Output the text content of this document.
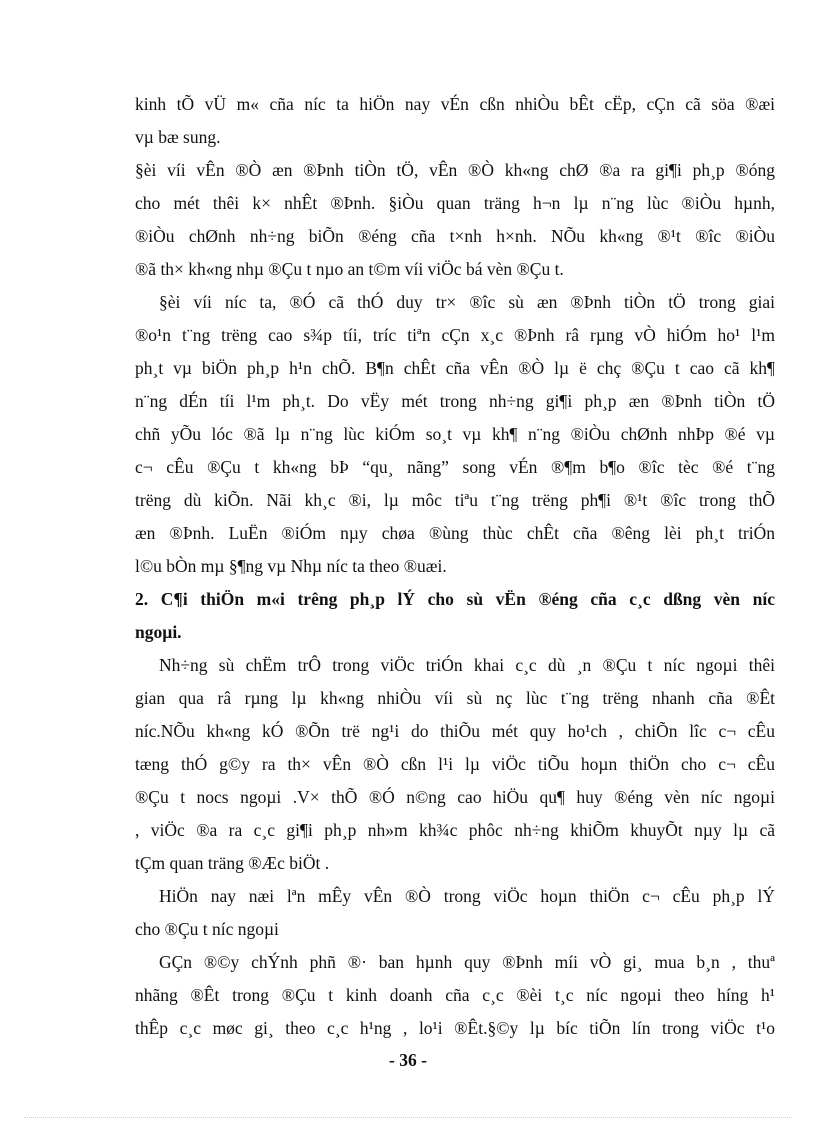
kinh tÕ vÜ m« cña níc ta hiÖn nay vÉn cßn nhiÒu bÊt cËp, cÇn cã söa ®æi

vµ bæ sung.

§èi víi vÊn ®Ò æn ®Þnh tiÒn tÖ, vÊn ®Ò kh«ng chØ ®a ra gi¶i ph¸p ®óng

cho mét thêi k× nhÊt ®Þnh. §iÒu quan träng h¬n lµ n¨ng lùc ®iÒu hµnh,

®iÒu chØnh nh÷ng biÕn ®éng cña t×nh h×nh. NÕu kh«ng ®¹t ®îc ®iÒu

®ã th× kh«ng nhµ ®Çu t nµo an t©m víi viÖc bá vèn ®Çu t.

§èi víi níc ta, ®Ó cã thÓ duy tr× ®îc sù æn ®Þnh tiÒn tÖ trong giai

®o¹n t¨ng trëng cao s¾p tíi, tríc tiªn cÇn x¸c ®Þnh râ rµng vÒ hiÓm ho¹ l¹m

ph¸t vµ biÖn ph¸p h¹n chÕ. B¶n chÊt cña vÊn ®Ò lµ ë chç ®Çu t cao cã kh¶

n¨ng dÉn tíi l¹m ph¸t. Do vËy mét trong nh÷ng gi¶i ph¸p æn ®Þnh tiÒn tÖ

chñ yÕu lóc ®ã lµ n¨ng lùc kiÓm so¸t vµ kh¶ n¨ng ®iÒu chØnh nhÞp ®é vµ

c¬ cÊu ®Çu t kh«ng bÞ “qu¸ nãng” song vÉn ®¶m b¶o ®îc tèc ®é t¨ng

trëng dù kiÕn. Nãi kh¸c ®i, lµ môc tiªu t¨ng trëng ph¶i ®¹t ®îc trong thÕ

æn ®Þnh. LuËn ®iÓm nµy chøa ®ùng thùc chÊt cña ®êng lèi ph¸t triÓn

l©u bÒn mµ §¶ng vµ Nhµ níc ta theo ®uæi.

2. C¶i thiÖn m«i trêng ph¸p lÝ cho sù vËn ®éng cña c¸c dßng vèn níc

ngoµi.

Nh÷ng sù chËm trÔ trong viÖc triÓn khai c¸c dù ¸n ®Çu t níc ngoµi thêi

gian qua râ rµng lµ kh«ng nhiÒu víi sù nç lùc t¨ng trëng nhanh cña ®Êt

níc.NÕu kh«ng kÓ ®Õn trë ng¹i do thiÕu mét quy ho¹ch , chiÕn lîc c¬ cÊu

tæng thÓ g©y ra th× vÊn ®Ò cßn l¹i lµ viÖc tiÕu hoµn thiÖn cho c¬ cÊu

®Çu t nocs ngoµi .V× thÕ ®Ó n©ng cao hiÖu qu¶ huy ®éng vèn níc ngoµi

, viÖc ®a ra c¸c gi¶i ph¸p nh»m kh¾c phôc nh÷ng khiÕm khuyÕt nµy lµ cã

tÇm quan träng ®Æc biÖt .

HiÖn nay næi lªn mÊy vÊn ®Ò trong viÖc hoµn thiÖn c¬ cÊu ph¸p lÝ

cho ®Çu t níc ngoµi

GÇn ®©y chÝnh phñ ®· ban hµnh quy ®Þnh míi vÒ gi¸ mua b¸n , thuª

nhãng ®Êt trong ®Çu t kinh doanh cña c¸c ®èi t¸c níc ngoµi theo híng h¹

thÊp c¸c møc gi¸ theo c¸c h¹ng , lo¹i ®Êt.§©y lµ bíc tiÕn lín trong viÖc t¹o

- 36 -
